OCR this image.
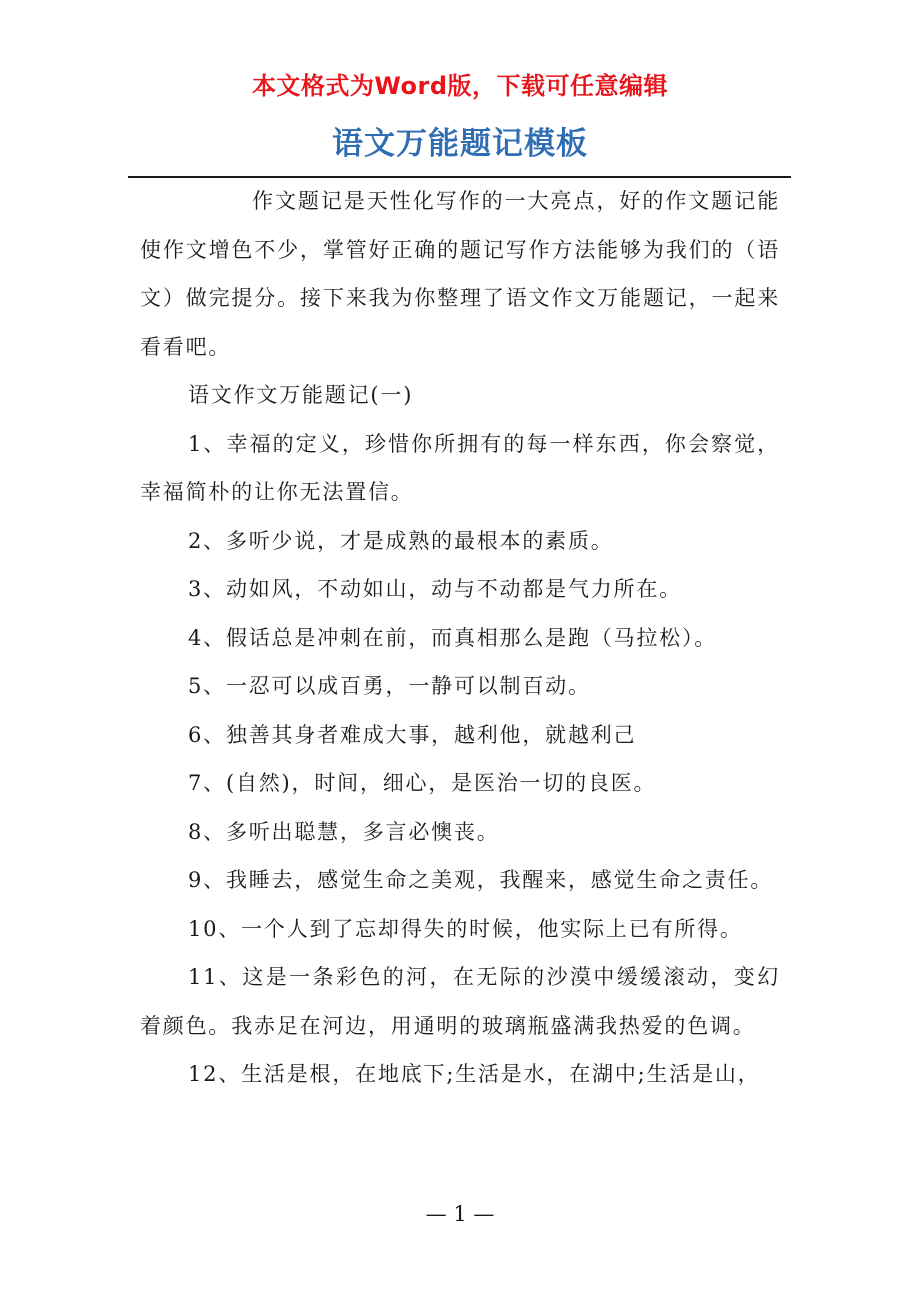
本文格式为Word版，下载可任意编辑
语文万能题记模板

作文题记是天性化写作的一大亮点，好的作文题记能使作文增色不少，掌管好正确的题记写作方法能够为我们的（语文）做完提分。接下来我为你整理了语文作文万能题记，一起来看看吧。

语文作文万能题记(一)

1、幸福的定义，珍惜你所拥有的每一样东西，你会察觉，幸福简朴的让你无法置信。

2、多听少说，才是成熟的最根本的素质。

3、动如风，不动如山，动与不动都是气力所在。

4、假话总是冲刺在前，而真相那么是跑（马拉松）。

5、一忍可以成百勇，一静可以制百动。

6、独善其身者难成大事，越利他，就越利己

7、(自然)，时间，细心，是医治一切的良医。

8、多听出聪慧，多言必懊丧。

9、我睡去，感觉生命之美观，我醒来，感觉生命之责任。

10、一个人到了忘却得失的时候，他实际上已有所得。

11、这是一条彩色的河，在无际的沙漠中缓缓滚动，变幻着颜色。我赤足在河边，用通明的玻璃瓶盛满我热爱的色调。

12、生活是根，在地底下;生活是水，在湖中;生活是山，

— 1 —
